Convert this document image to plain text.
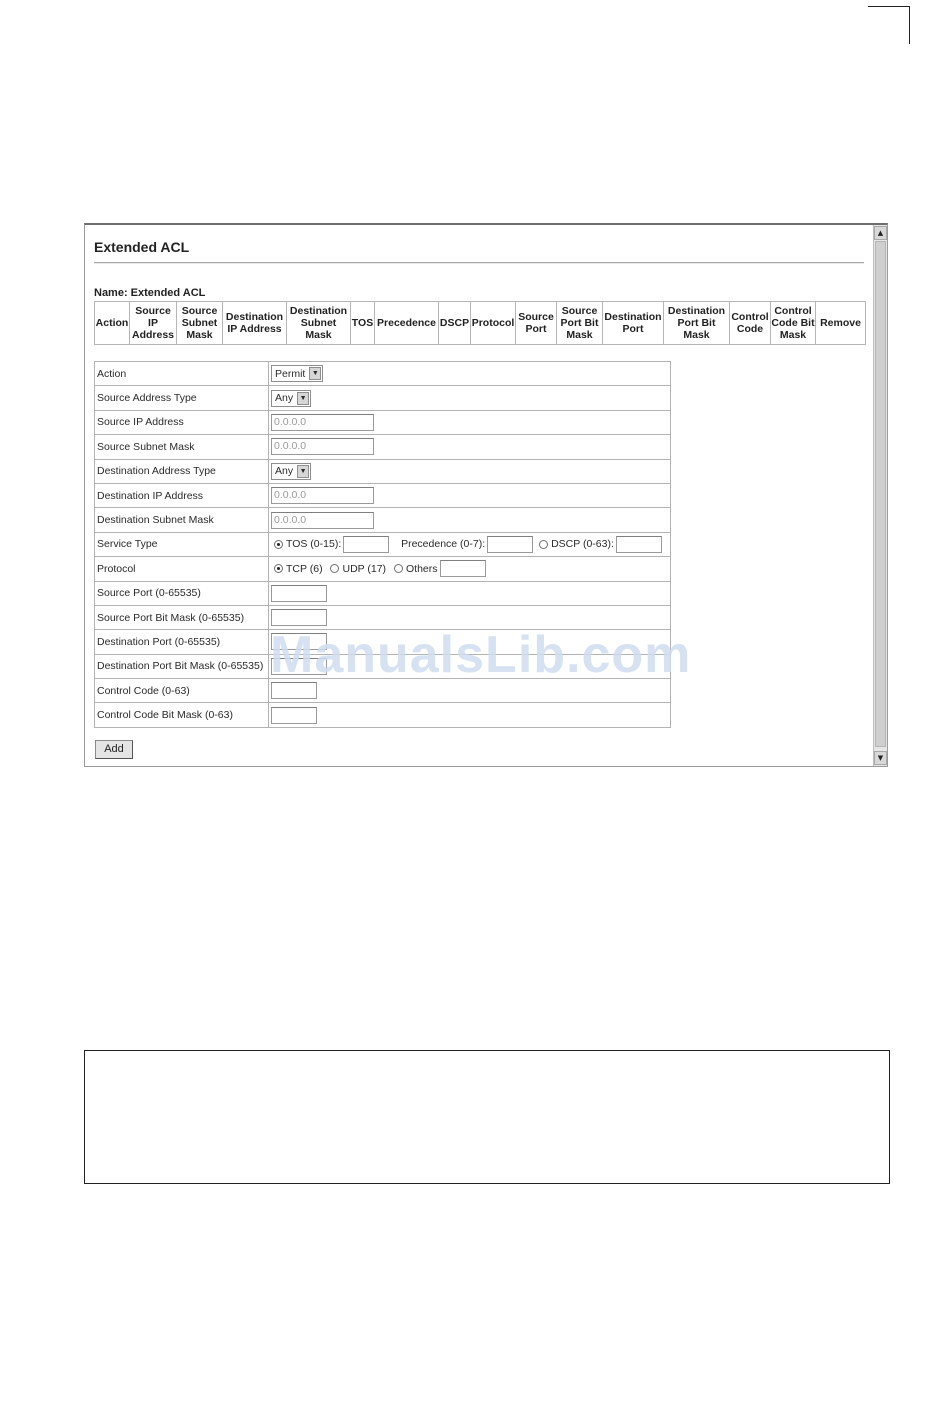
Extended ACL
Name: Extended ACL
Action	Source IP Address	Source Subnet Mask	Destination IP Address	Destination Subnet Mask	TOS	Precedence	DSCP	Protocol	Source Port	Source Port Bit Mask	Destination Port	Destination Port Bit Mask	Control Code	Control Code Bit Mask	Remove
Action	Permit ▼

Source Address Type	Any ▼

Source IP Address	0.0.0.0
Source Subnet Mask	0.0.0.0
Destination Address Type	Any ▼

Destination IP Address	0.0.0.0
Destination Subnet Mask	0.0.0.0
Service Type	TOS (0-15): Precedence (0-7): DSCP (0-63):
Protocol	TCP (6) UDP (17) Others
Source Port (0-65535)	
Source Port Bit Mask (0-65535)	
Destination Port (0-65535)	
Destination Port Bit Mask (0-65535)	
Control Code (0-63)	
Control Code Bit Mask (0-63)	
Add
▲
▼
ManualsLib.com
